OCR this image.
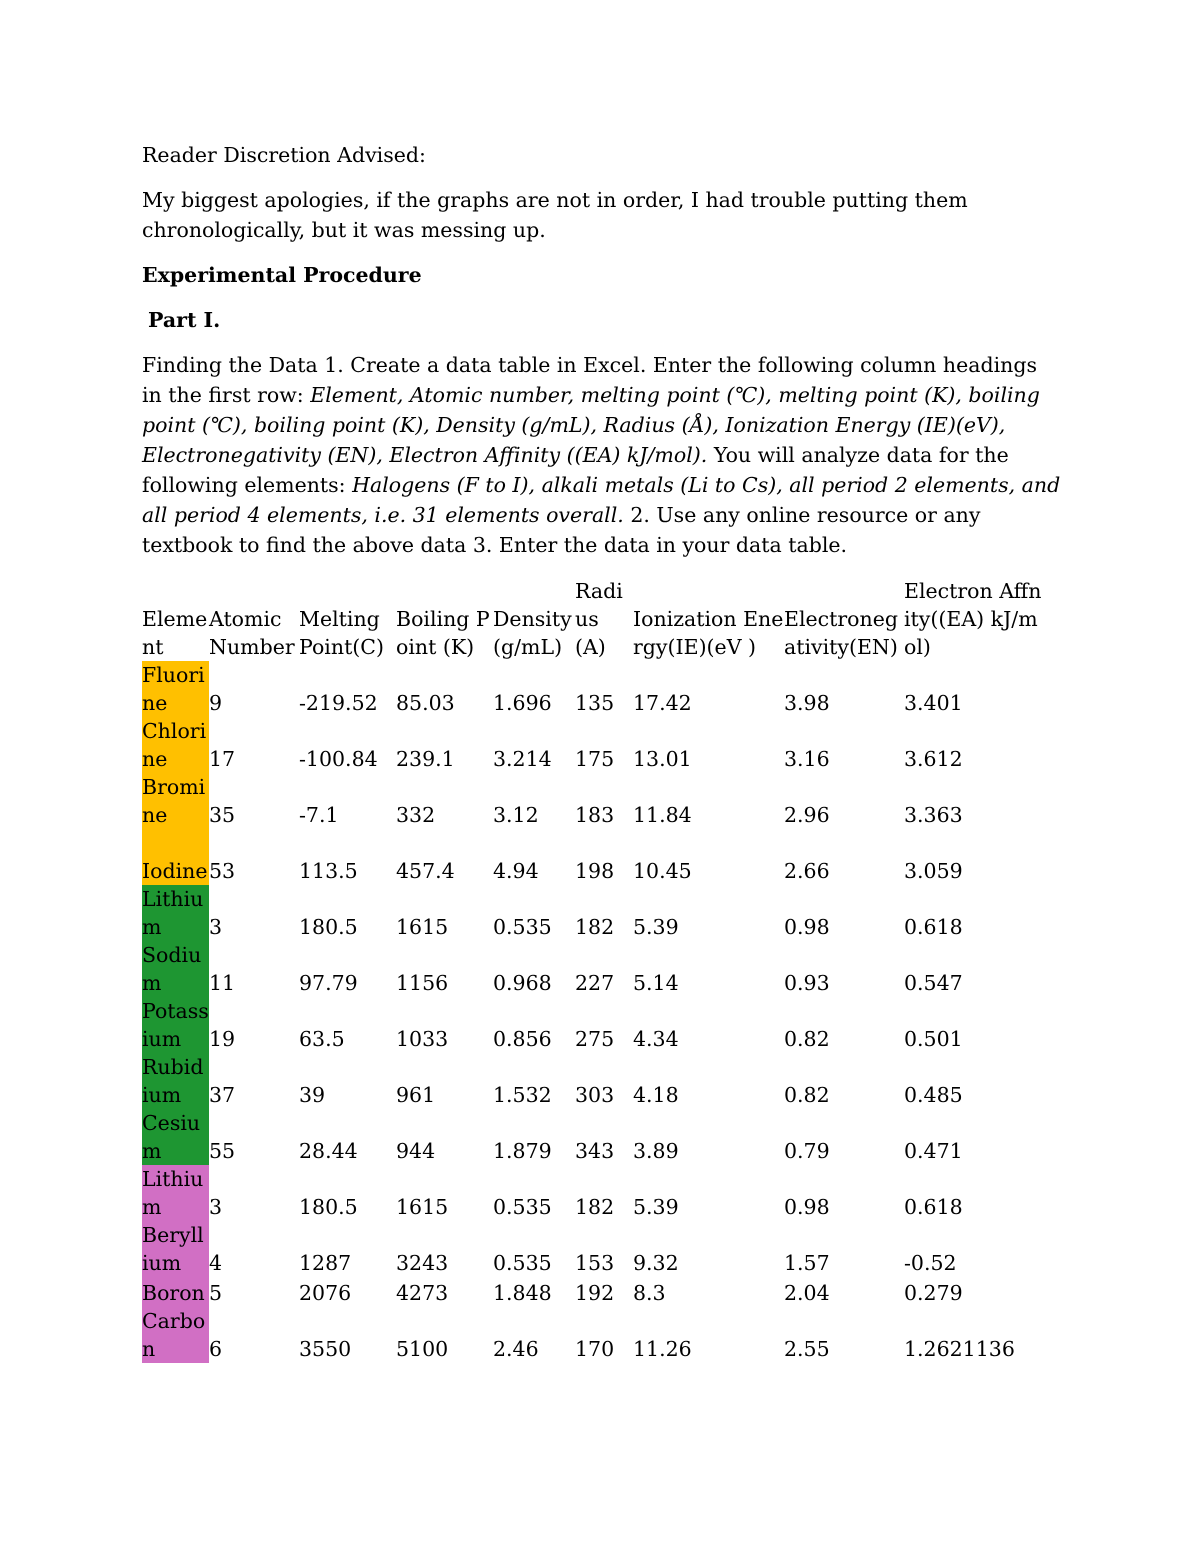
Reader Discretion Advised:

My biggest apologies, if the graphs are not in order, I had trouble putting them chronologically, but it was messing up.

Experimental Procedure

Part I.

Finding the Data 1. Create a data table in Excel. Enter the following column headings in the first row: Element, Atomic number, melting point (℃), melting point (K), boiling point (℃), boiling point (K), Density (g/mL), Radius (Å), Ionization Energy (IE)(eV), Electronegativity (EN), Electron Affinity ((EA) kJ/mol). You will analyze data for the following elements: Halogens (F to I), alkali metals (Li to Cs), all period 2 elements, and all period 4 elements, i.e. 31 elements overall. 2. Use any online resource or any textbook to find the above data 3. Enter the data in your data table.

Eleme nt	Atomic Number	Melting Point(C)	Boiling Point (K)	Density (g/mL)	Radi us (A)	Ionization Energy(IE)(eV )	Electroneg ativity(EN)	Electron Affnity((EA) kJ/mol)
Fluorine	9	-219.52	85.03	1.696	135	17.42	3.98	3.401
Chlorine	17	-100.84	239.1	3.214	175	13.01	3.16	3.612
Bromine	35	-7.1	332	3.12	183	11.84	2.96	3.363
Iodine	53	113.5	457.4	4.94	198	10.45	2.66	3.059
Lithium	3	180.5	1615	0.535	182	5.39	0.98	0.618
Sodium	11	97.79	1156	0.968	227	5.14	0.93	0.547
Potassium	19	63.5	1033	0.856	275	4.34	0.82	0.501
Rubidium	37	39	961	1.532	303	4.18	0.82	0.485
Cesium	55	28.44	944	1.879	343	3.89	0.79	0.471
Lithium	3	180.5	1615	0.535	182	5.39	0.98	0.618
Beryllium	4	1287	3243	0.535	153	9.32	1.57	-0.52
Boron	5	2076	4273	1.848	192	8.3	2.04	0.279
Carbon	6	3550	5100	2.46	170	11.26	2.55	1.2621136
